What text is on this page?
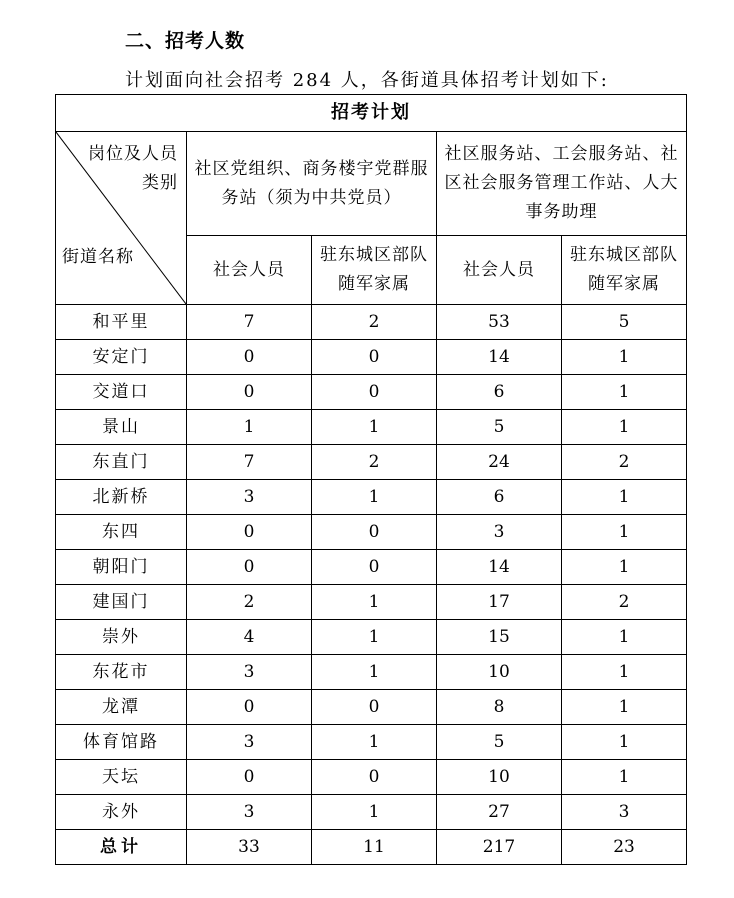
二、招考人数
计划面向社会招考 284 人，各街道具体招考计划如下:
招考计划				

岗位及人员
类别
街道名称	社区党组织、商务楼宇党群服务站（须为中共党员）		社区服务站、工会服务站、社区社会服务管理工作站、人大事务助理	
	社会人员	驻东城区部队随军家属	社会人员	驻东城区部队随军家属
和平里	7	2	53	5
安定门	0	0	14	1
交道口	0	0	6	1
景山	1	1	5	1
东直门	7	2	24	2
北新桥	3	1	6	1
东四	0	0	3	1
朝阳门	0	0	14	1
建国门	2	1	17	2
崇外	4	1	15	1
东花市	3	1	10	1
龙潭	0	0	8	1
体育馆路	3	1	5	1
天坛	0	0	10	1
永外	3	1	27	3
总计	33	11	217	23
